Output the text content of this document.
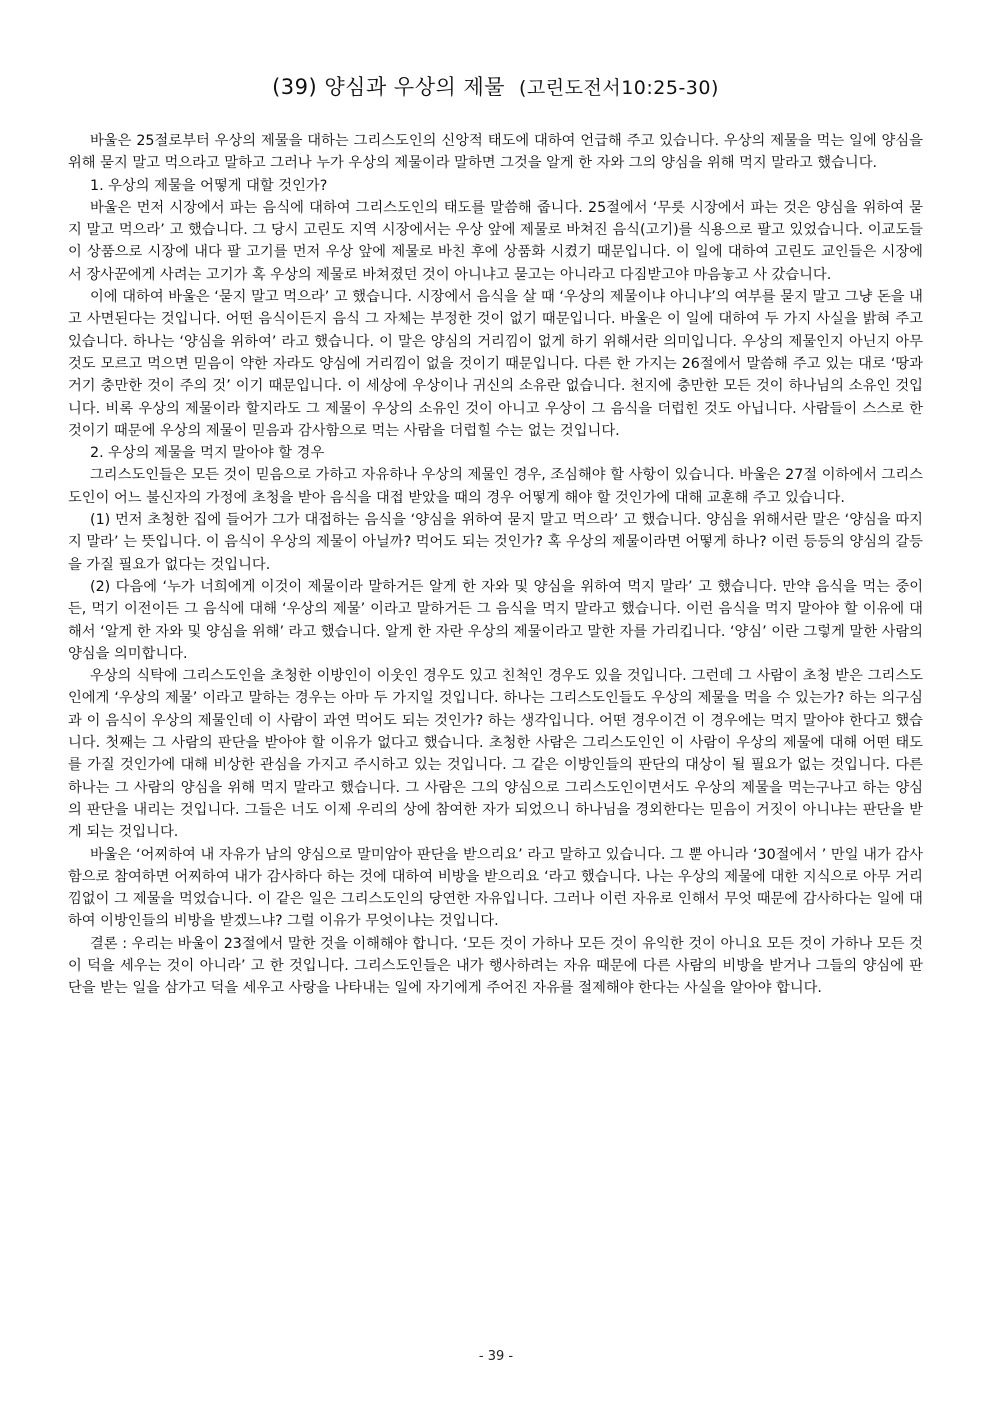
(39) 양심과 우상의 제물 (고린도전서10:25-30)

바울은 25절로부터 우상의 제물을 대하는 그리스도인의 신앙적 태도에 대하여 언급해 주고 있습니다. 우상의 제물을 먹는 일에 양심을 위해 묻지 말고 먹으라고 말하고 그러나 누가 우상의 제물이라 말하면 그것을 알게 한 자와 그의 양심을 위해 먹지 말라고 했습니다.

1. 우상의 제물을 어떻게 대할 것인가?

바울은 먼저 시장에서 파는 음식에 대하여 그리스도인의 태도를 말씀해 줍니다. 25절에서 ‘무릇 시장에서 파는 것은 양심을 위하여 묻지 말고 먹으라’ 고 했습니다. 그 당시 고린도 지역 시장에서는 우상 앞에 제물로 바쳐진 음식(고기)를 식용으로 팔고 있었습니다. 이교도들이 상품으로 시장에 내다 팔 고기를 먼저 우상 앞에 제물로 바친 후에 상품화 시켰기 때문입니다. 이 일에 대하여 고린도 교인들은 시장에서 장사꾼에게 사려는 고기가 혹 우상의 제물로 바쳐졌던 것이 아니냐고 묻고는 아니라고 다짐받고야 마음놓고 사 갔습니다.

이에 대하여 바울은 ‘묻지 말고 먹으라’ 고 했습니다. 시장에서 음식을 살 때 ‘우상의 제물이냐 아니냐’의 여부를 묻지 말고 그냥 돈을 내고 사면된다는 것입니다. 어떤 음식이든지 음식 그 자체는 부정한 것이 없기 때문입니다. 바울은 이 일에 대하여 두 가지 사실을 밝혀 주고 있습니다. 하나는 ‘양심을 위하여’ 라고 했습니다. 이 말은 양심의 거리낌이 없게 하기 위해서란 의미입니다. 우상의 제물인지 아닌지 아무 것도 모르고 먹으면 믿음이 약한 자라도 양심에 거리낌이 없을 것이기 때문입니다. 다른 한 가지는 26절에서 말씀해 주고 있는 대로 ‘땅과 거기 충만한 것이 주의 것’ 이기 때문입니다. 이 세상에 우상이나 귀신의 소유란 없습니다. 천지에 충만한 모든 것이 하나님의 소유인 것입니다. 비록 우상의 제물이라 할지라도 그 제물이 우상의 소유인 것이 아니고 우상이 그 음식을 더럽힌 것도 아닙니다. 사람들이 스스로 한 것이기 때문에 우상의 제물이 믿음과 감사함으로 먹는 사람을 더럽힐 수는 없는 것입니다.

2. 우상의 제물을 먹지 말아야 할 경우

그리스도인들은 모든 것이 믿음으로 가하고 자유하나 우상의 제물인 경우, 조심해야 할 사항이 있습니다. 바울은 27절 이하에서 그리스도인이 어느 불신자의 가정에 초청을 받아 음식을 대접 받았을 때의 경우 어떻게 해야 할 것인가에 대해 교훈해 주고 있습니다.

(1) 먼저 초청한 집에 들어가 그가 대접하는 음식을 ‘양심을 위하여 묻지 말고 먹으라’ 고 했습니다. 양심을 위해서란 말은 ‘양심을 따지지 말라’ 는 뜻입니다. 이 음식이 우상의 제물이 아닐까? 먹어도 되는 것인가? 혹 우상의 제물이라면 어떻게 하나? 이런 등등의 양심의 갈등을 가질 필요가 없다는 것입니다.

(2) 다음에 ‘누가 너희에게 이것이 제물이라 말하거든 알게 한 자와 및 양심을 위하여 먹지 말라’ 고 했습니다. 만약 음식을 먹는 중이든, 먹기 이전이든 그 음식에 대해 ‘우상의 제물’ 이라고 말하거든 그 음식을 먹지 말라고 했습니다. 이런 음식을 먹지 말아야 할 이유에 대해서 ‘알게 한 자와 및 양심을 위해’ 라고 했습니다. 알게 한 자란 우상의 제물이라고 말한 자를 가리킵니다. ‘양심’ 이란 그렇게 말한 사람의 양심을 의미합니다.

우상의 식탁에 그리스도인을 초청한 이방인이 이웃인 경우도 있고 친척인 경우도 있을 것입니다. 그런데 그 사람이 초청 받은 그리스도인에게 ‘우상의 제물’ 이라고 말하는 경우는 아마 두 가지일 것입니다. 하나는 그리스도인들도 우상의 제물을 먹을 수 있는가? 하는 의구심과 이 음식이 우상의 제물인데 이 사람이 과연 먹어도 되는 것인가? 하는 생각입니다. 어떤 경우이건 이 경우에는 먹지 말아야 한다고 했습니다. 첫째는 그 사람의 판단을 받아야 할 이유가 없다고 했습니다. 초청한 사람은 그리스도인인 이 사람이 우상의 제물에 대해 어떤 태도를 가질 것인가에 대해 비상한 관심을 가지고 주시하고 있는 것입니다. 그 같은 이방인들의 판단의 대상이 될 필요가 없는 것입니다. 다른 하나는 그 사람의 양심을 위해 먹지 말라고 했습니다. 그 사람은 그의 양심으로 그리스도인이면서도 우상의 제물을 먹는구나고 하는 양심의 판단을 내리는 것입니다. 그들은 너도 이제 우리의 상에 참여한 자가 되었으니 하나님을 경외한다는 믿음이 거짓이 아니냐는 판단을 받게 되는 것입니다.

바울은 ‘어찌하여 내 자유가 남의 양심으로 말미암아 판단을 받으리요’ 라고 말하고 있습니다. 그 뿐 아니라 ‘30절에서 ’ 만일 내가 감사함으로 참여하면 어찌하여 내가 감사하다 하는 것에 대하여 비방을 받으리요 ‘라고 했습니다. 나는 우상의 제물에 대한 지식으로 아무 거리낌없이 그 제물을 먹었습니다. 이 같은 일은 그리스도인의 당연한 자유입니다. 그러나 이런 자유로 인해서 무엇 때문에 감사하다는 일에 대하여 이방인들의 비방을 받겠느냐? 그럴 이유가 무엇이냐는 것입니다.

결론 : 우리는 바울이 23절에서 말한 것을 이해해야 합니다. ‘모든 것이 가하나 모든 것이 유익한 것이 아니요 모든 것이 가하나 모든 것이 덕을 세우는 것이 아니라’ 고 한 것입니다. 그리스도인들은 내가 행사하려는 자유 때문에 다른 사람의 비방을 받거나 그들의 양심에 판단을 받는 일을 삼가고 덕을 세우고 사랑을 나타내는 일에 자기에게 주어진 자유를 절제해야 한다는 사실을 알아야 합니다.

- 39 -
